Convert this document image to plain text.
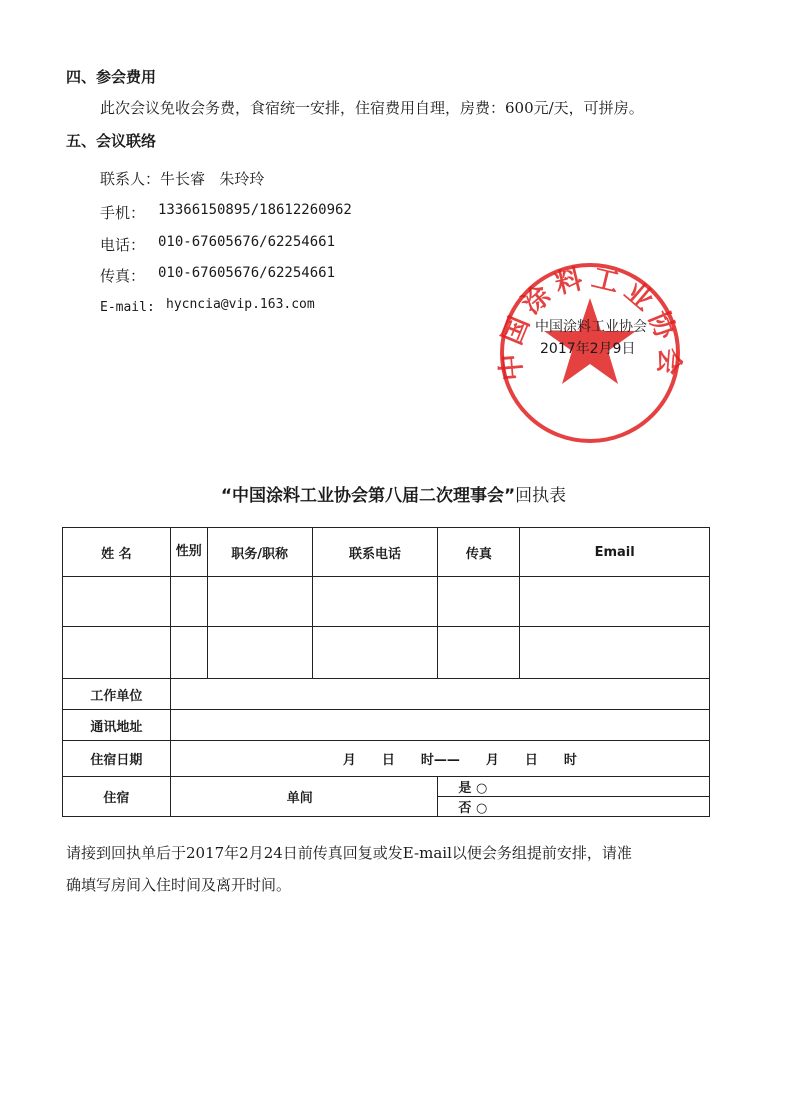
四、参会费用
此次会议免收会务费，食宿统一安排，住宿费用自理，房费：600元/天，可拼房。
五、会议联络
联系人：牛长睿   朱玲玲
手机： 13366150895/18612260962
电话： 010-67605676/62254661
传真： 010-67605676/62254661
E-mail: hycncia@vip.163.com
中国涂料工业协会
中国涂料工业协会
2017年2月9日
“中国涂料工业协会第八届二次理事会”回执表
姓 名	性别	职务/职称	联系电话	传真	Email

工作单位					
通讯地址					
住宿日期	月　　日　　时——　　月　　日　　时				
住宿	单间			是 ○	
				否 ○	
请接到回执单后于2017年2月24日前传真回复或发E-mail以便会务组提前安排，请准
确填写房间入住时间及离开时间。
